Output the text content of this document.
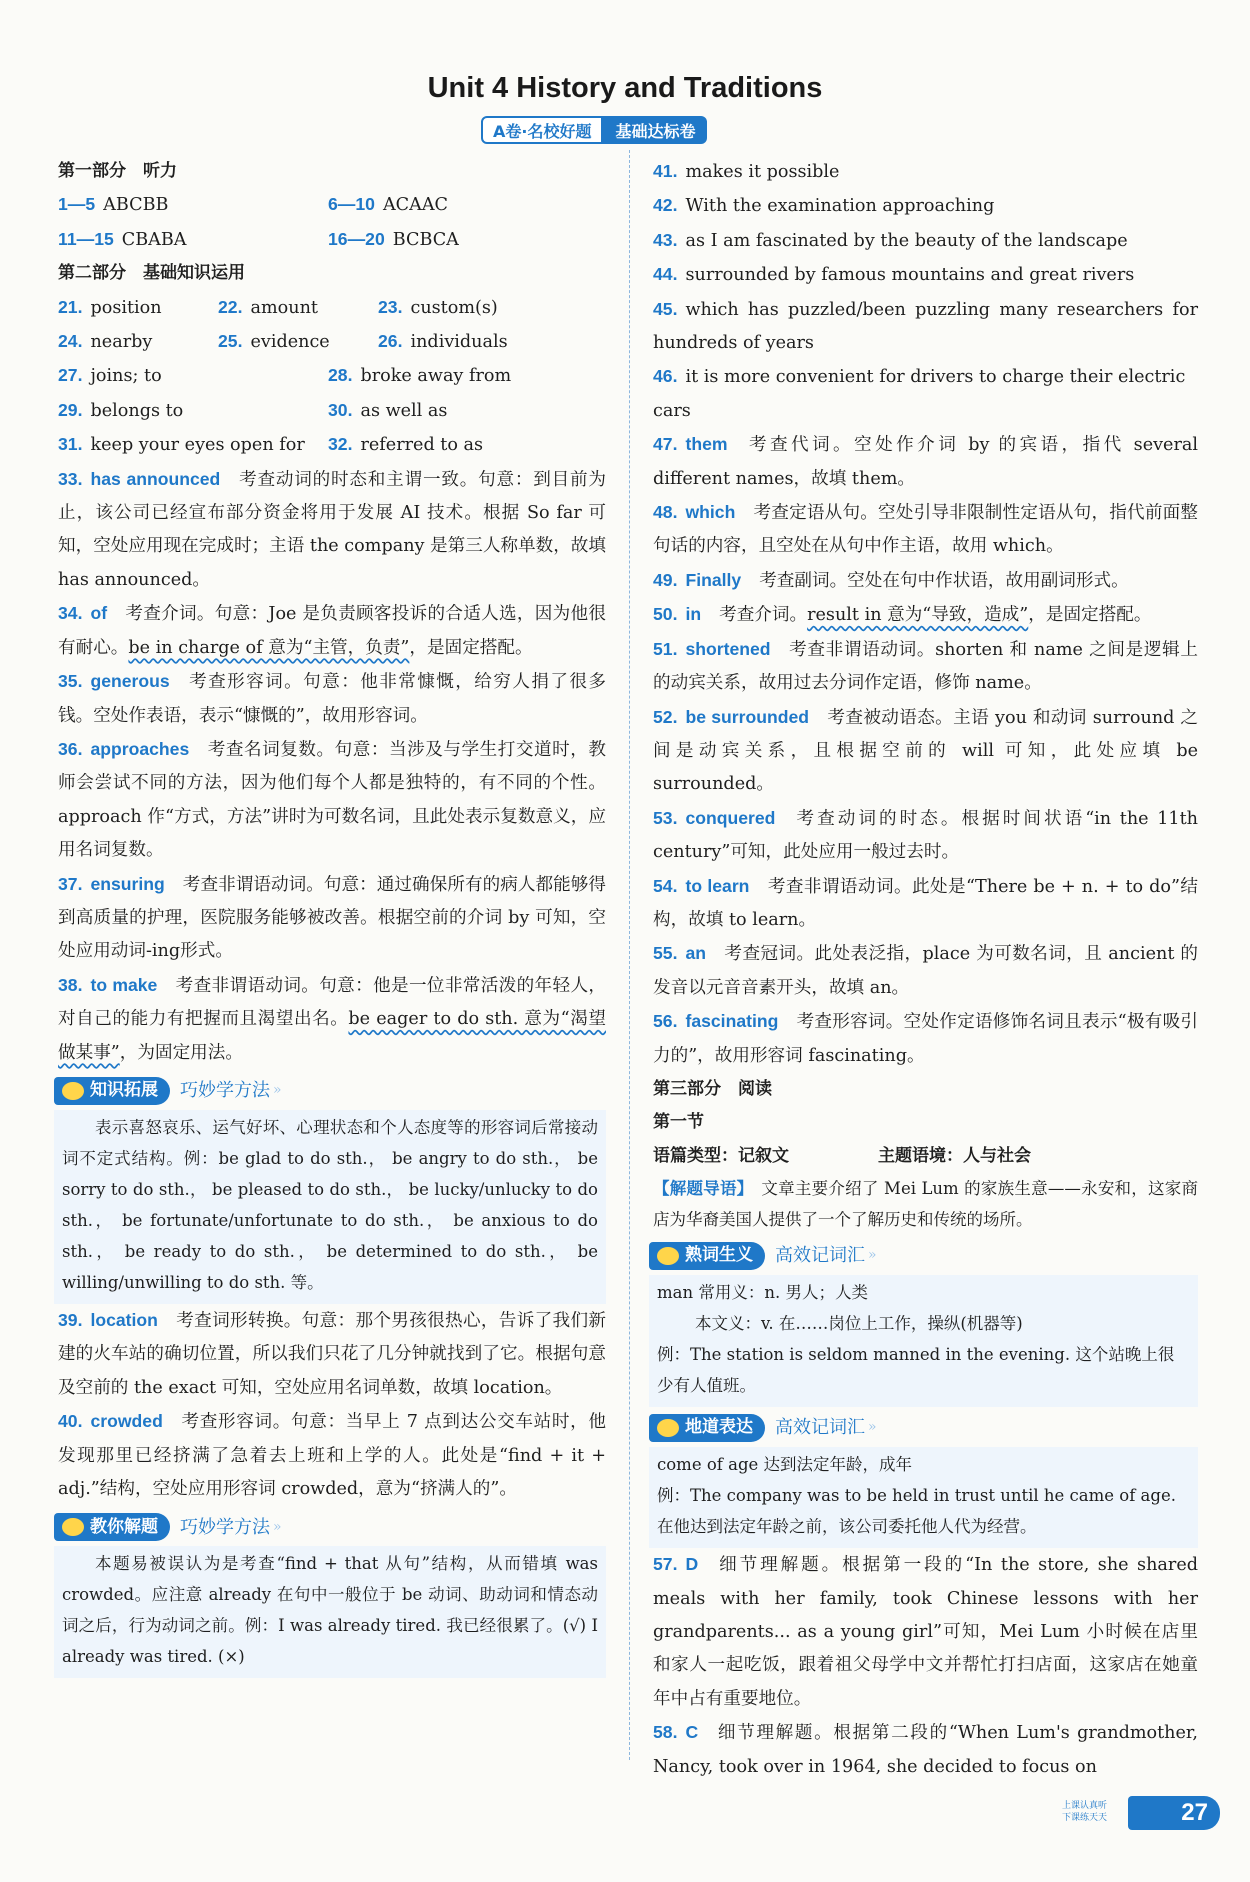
Unit 4 History and Traditions
A卷·名校好题	基础达标卷
第一部分　听力
1—5 ABCBB	6—10 ACAAC
11—15 CBABA	16—20 BCBCA
第二部分　基础知识运用
21. position	22. amount	23. custom(s)
24. nearby	25. evidence	26. individuals
27. joins; to	28. broke away from
29. belongs to	30. as well as
31. keep your eyes open for	32. referred to as
33. has announced 考查动词的时态和主谓一致。句意：到目前为止，该公司已经宣布部分资金将用于发展 AI 技术。根据 So far 可知，空处应用现在完成时；主语 the company 是第三人称单数，故填 has announced。
34. of 考查介词。句意：Joe 是负责顾客投诉的合适人选，因为他很有耐心。be in charge of 意为“主管，负责”，是固定搭配。
35. generous 考查形容词。句意：他非常慷慨，给穷人捐了很多钱。空处作表语，表示“慷慨的”，故用形容词。
36. approaches 考查名词复数。句意：当涉及与学生打交道时，教师会尝试不同的方法，因为他们每个人都是独特的，有不同的个性。approach 作“方式，方法”讲时为可数名词，且此处表示复数意义，应用名词复数。
37. ensuring 考查非谓语动词。句意：通过确保所有的病人都能够得到高质量的护理，医院服务能够被改善。根据空前的介词 by 可知，空处应用动词-ing形式。
38. to make 考查非谓语动词。句意：他是一位非常活泼的年轻人，对自己的能力有把握而且渴望出名。be eager to do sth. 意为“渴望做某事”，为固定用法。
知识拓展 巧妙学方法 »
表示喜怒哀乐、运气好坏、心理状态和个人态度等的形容词后常接动词不定式结构。例：be glad to do sth.， be angry to do sth.， be sorry to do sth.， be pleased to do sth.， be lucky/unlucky to do sth.， be fortunate/unfortunate to do sth.， be anxious to do sth.， be ready to do sth.， be determined to do sth.， be willing/unwilling to do sth. 等。
39. location 考查词形转换。句意：那个男孩很热心，告诉了我们新建的火车站的确切位置，所以我们只花了几分钟就找到了它。根据句意及空前的 the exact 可知，空处应用名词单数，故填 location。
40. crowded 考查形容词。句意：当早上 7 点到达公交车站时，他发现那里已经挤满了急着去上班和上学的人。此处是“find + it + adj.”结构，空处应用形容词 crowded，意为“挤满人的”。
教你解题 巧妙学方法 »
本题易被误认为是考查“find + that 从句”结构，从而错填 was crowded。应注意 already 在句中一般位于 be 动词、助动词和情态动词之后，行为动词之前。例：I was already tired. 我已经很累了。(√) I already was tired. (×)
41. makes it possible
42. With the examination approaching
43. as I am fascinated by the beauty of the landscape
44. surrounded by famous mountains and great rivers
45. which has puzzled/been puzzling many researchers for hundreds of years
46. it is more convenient for drivers to charge their electric cars
47. them 考查代词。空处作介词 by 的宾语，指代 several different names，故填 them。
48. which 考查定语从句。空处引导非限制性定语从句，指代前面整句话的内容，且空处在从句中作主语，故用 which。
49. Finally 考查副词。空处在句中作状语，故用副词形式。
50. in 考查介词。result in 意为“导致，造成”，是固定搭配。
51. shortened 考查非谓语动词。shorten 和 name 之间是逻辑上的动宾关系，故用过去分词作定语，修饰 name。
52. be surrounded 考查被动语态。主语 you 和动词 surround 之间是动宾关系，且根据空前的 will 可知，此处应填 be surrounded。
53. conquered 考查动词的时态。根据时间状语“in the 11th century”可知，此处应用一般过去时。
54. to learn 考查非谓语动词。此处是“There be + n. + to do”结构，故填 to learn。
55. an 考查冠词。此处表泛指，place 为可数名词，且 ancient 的发音以元音音素开头，故填 an。
56. fascinating 考查形容词。空处作定语修饰名词且表示“极有吸引力的”，故用形容词 fascinating。
第三部分　阅读
第一节
语篇类型：记叙文	主题语境：人与社会
【解题导语】 文章主要介绍了 Mei Lum 的家族生意——永安和，这家商店为华裔美国人提供了一个了解历史和传统的场所。
熟词生义 高效记词汇 »
man 常用义：n. 男人；人类
本文义：v. 在……岗位上工作，操纵(机器等)
例：The station is seldom manned in the evening. 这个站晚上很少有人值班。
地道表达 高效记词汇 »
come of age 达到法定年龄，成年
例：The company was to be held in trust until he came of age. 在他达到法定年龄之前，该公司委托他人代为经营。
57. D 细节理解题。根据第一段的“In the store, she shared meals with her family, took Chinese lessons with her grandparents... as a young girl”可知，Mei Lum 小时候在店里和家人一起吃饭，跟着祖父母学中文并帮忙打扫店面，这家店在她童年中占有重要地位。
58. C 细节理解题。根据第二段的“When Lum's grandmother, Nancy, took over in 1964, she decided to focus on
上课认真听
下课练天天	27
